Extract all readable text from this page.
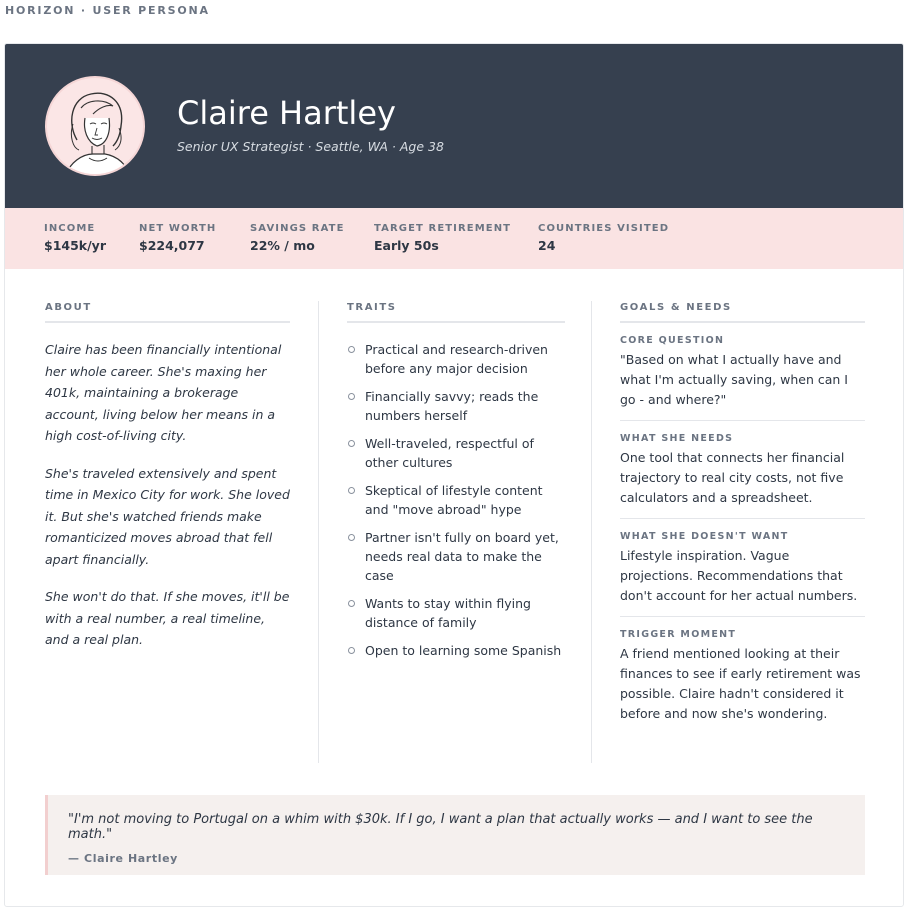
HORIZON · USER PERSONA
Claire Hartley
Senior UX Strategist · Seattle, WA · Age 38
INCOME
$145k/yr
NET WORTH
$224,077
SAVINGS RATE
22% / mo
TARGET RETIREMENT
Early 50s
COUNTRIES VISITED
24
ABOUT

Claire has been financially intentional her whole career. She's maxing her 401k, maintaining a brokerage account, living below her means in a high cost-of-living city.

She's traveled extensively and spent time in Mexico City for work. She loved it. But she's watched friends make romanticized moves abroad that fell apart financially.

She won't do that. If she moves, it'll be with a real number, a real timeline, and a real plan.

TRAITS
Practical and research-driven before any major decision
Financially savvy; reads the numbers herself
Well-traveled, respectful of other cultures
Skeptical of lifestyle content and "move abroad" hype
Partner isn't fully on board yet, needs real data to make the case
Wants to stay within flying distance of family
Open to learning some Spanish
GOALS & NEEDS
CORE QUESTION
"Based on what I actually have and what I'm actually saving, when can I go - and where?"
WHAT SHE NEEDS
One tool that connects her financial trajectory to real city costs, not five calculators and a spreadsheet.
WHAT SHE DOESN'T WANT
Lifestyle inspiration. Vague projections. Recommendations that don't account for her actual numbers.
TRIGGER MOMENT
A friend mentioned looking at their finances to see if early retirement was possible. Claire hadn't considered it before and now she's wondering.
"I'm not moving to Portugal on a whim with $30k. If I go, I want a plan that actually works — and I want to see the math."
— Claire Hartley
